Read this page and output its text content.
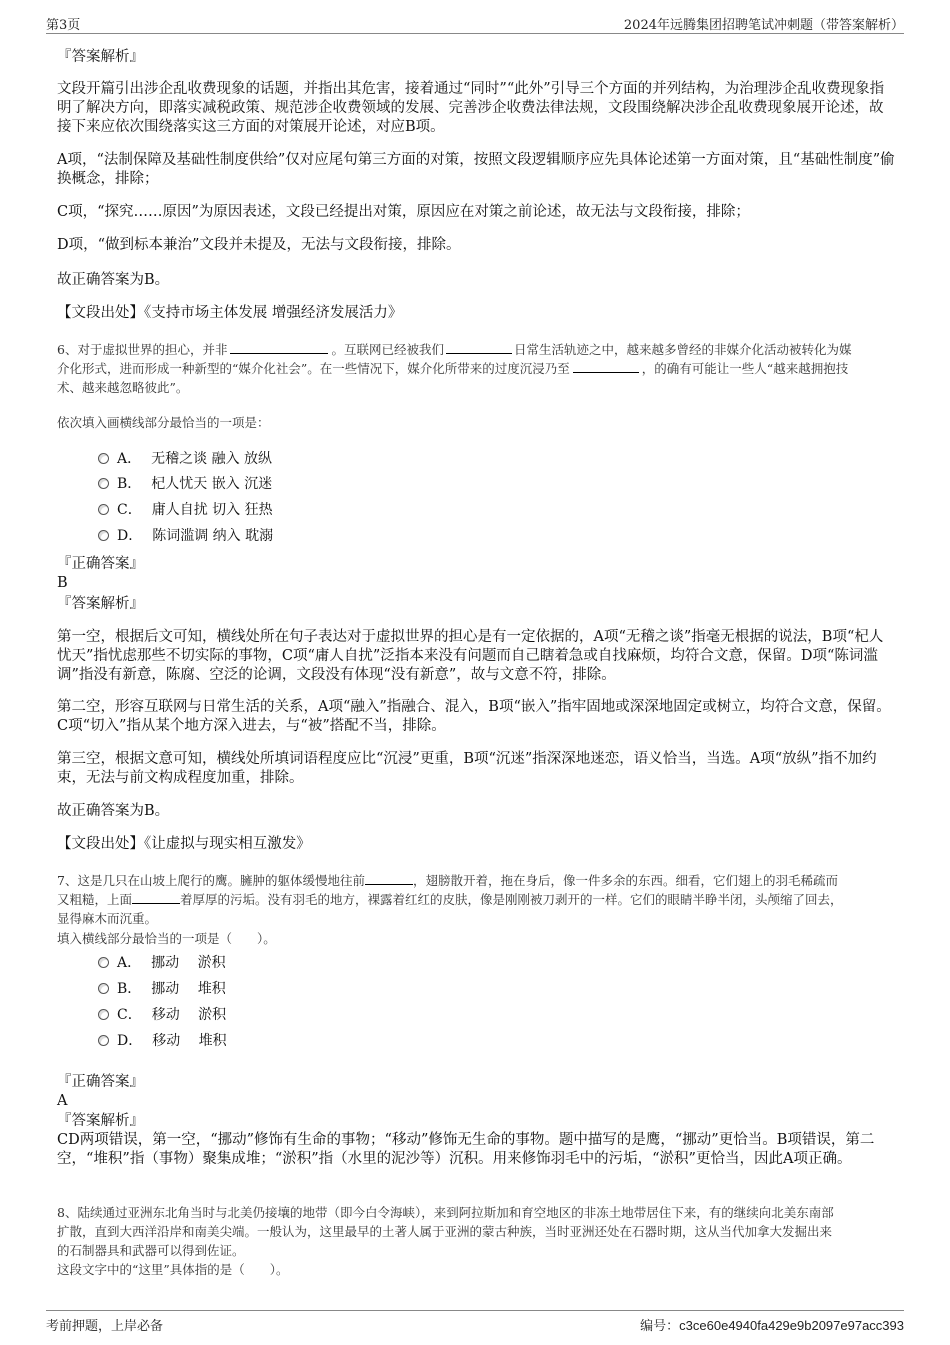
第3页	2024年远腾集团招聘笔试冲刺题（带答案解析）
『答案解析』
文段开篇引出涉企乱收费现象的话题，并指出其危害，接着通过“同时”“此外”引导三个方面的并列结构，为治理涉企乱收费现象指明了解决方向，即落实减税政策、规范涉企收费领域的发展、完善涉企收费法律法规，文段围绕解决涉企乱收费现象展开论述，故接下来应依次围绕落实这三方面的对策展开论述，对应B项。
A项，“法制保障及基础性制度供给”仅对应尾句第三方面的对策，按照文段逻辑顺序应先具体论述第一方面对策，且“基础性制度”偷换概念，排除；
C项，“探究……原因”为原因表述，文段已经提出对策，原因应在对策之前论述，故无法与文段衔接，排除；
D项，“做到标本兼治”文段并未提及，无法与文段衔接，排除。
故正确答案为B。
【文段出处】《支持市场主体发展 增强经济发展活力》
6、对于虚拟世界的担心，并非	。互联网已经被我们	日常生活轨迹之中，越来越多曾经的非媒介化活动被转化为媒
介化形式，进而形成一种新型的“媒介化社会”。在一些情况下，媒介化所带来的过度沉浸乃至	，的确有可能让一些人“越来越拥抱技
术、越来越忽略彼此”。
依次填入画横线部分最恰当的一项是：
A． 无稽之谈 融入 放纵
B． 杞人忧天 嵌入 沉迷
C． 庸人自扰 切入 狂热
D． 陈词滥调 纳入 耽溺
『正确答案』
B
『答案解析』
第一空，根据后文可知，横线处所在句子表达对于虚拟世界的担心是有一定依据的，A项“无稽之谈”指毫无根据的说法，B项“杞人忧天”指忧虑那些不切实际的事物，C项“庸人自扰”泛指本来没有问题而自己瞎着急或自找麻烦，均符合文意，保留。D项“陈词滥调”指没有新意，陈腐、空泛的论调，文段没有体现“没有新意”，故与文意不符，排除。
第二空，形容互联网与日常生活的关系，A项“融入”指融合、混入，B项“嵌入”指牢固地或深深地固定或树立，均符合文意，保留。C项“切入”指从某个地方深入进去，与“被”搭配不当，排除。
第三空，根据文意可知，横线处所填词语程度应比“沉浸”更重，B项“沉迷”指深深地迷恋，语义恰当，当选。A项“放纵”指不加约束，无法与前文构成程度加重，排除。
故正确答案为B。
【文段出处】《让虚拟与现实相互激发》
7、这是几只在山坡上爬行的鹰。臃肿的躯体缓慢地往前	，翅膀散开着，拖在身后，像一件多余的东西。细看，它们翅上的羽毛稀疏而
又粗糙，上面	着厚厚的污垢。没有羽毛的地方，裸露着红红的皮肤，像是刚刚被刀剥开的一样。它们的眼睛半睁半闭，头颅缩了回去，
显得麻木而沉重。
填入横线部分最恰当的一项是（　　）。
A． 挪动　 淤积
B． 挪动　 堆积
C． 移动　 淤积
D． 移动　 堆积
『正确答案』
A
『答案解析』
CD两项错误，第一空，“挪动”修饰有生命的事物；“移动”修饰无生命的事物。题中描写的是鹰，“挪动”更恰当。B项错误，第二空，“堆积”指（事物）聚集成堆；“淤积”指（水里的泥沙等）沉积。用来修饰羽毛中的污垢，“淤积”更恰当，因此A项正确。
8、陆续通过亚洲东北角当时与北美仍接壤的地带（即今白令海峡），来到阿拉斯加和育空地区的非冻土地带居住下来，有的继续向北美东南部
扩散，直到大西洋沿岸和南美尖端。一般认为，这里最早的土著人属于亚洲的蒙古种族，当时亚洲还处在石器时期，这从当代加拿大发掘出来
的石制器具和武器可以得到佐证。
这段文字中的“这里”具体指的是（　　）。
考前押题，上岸必备	编号：c3ce60e4940fa429e9b2097e97acc393
